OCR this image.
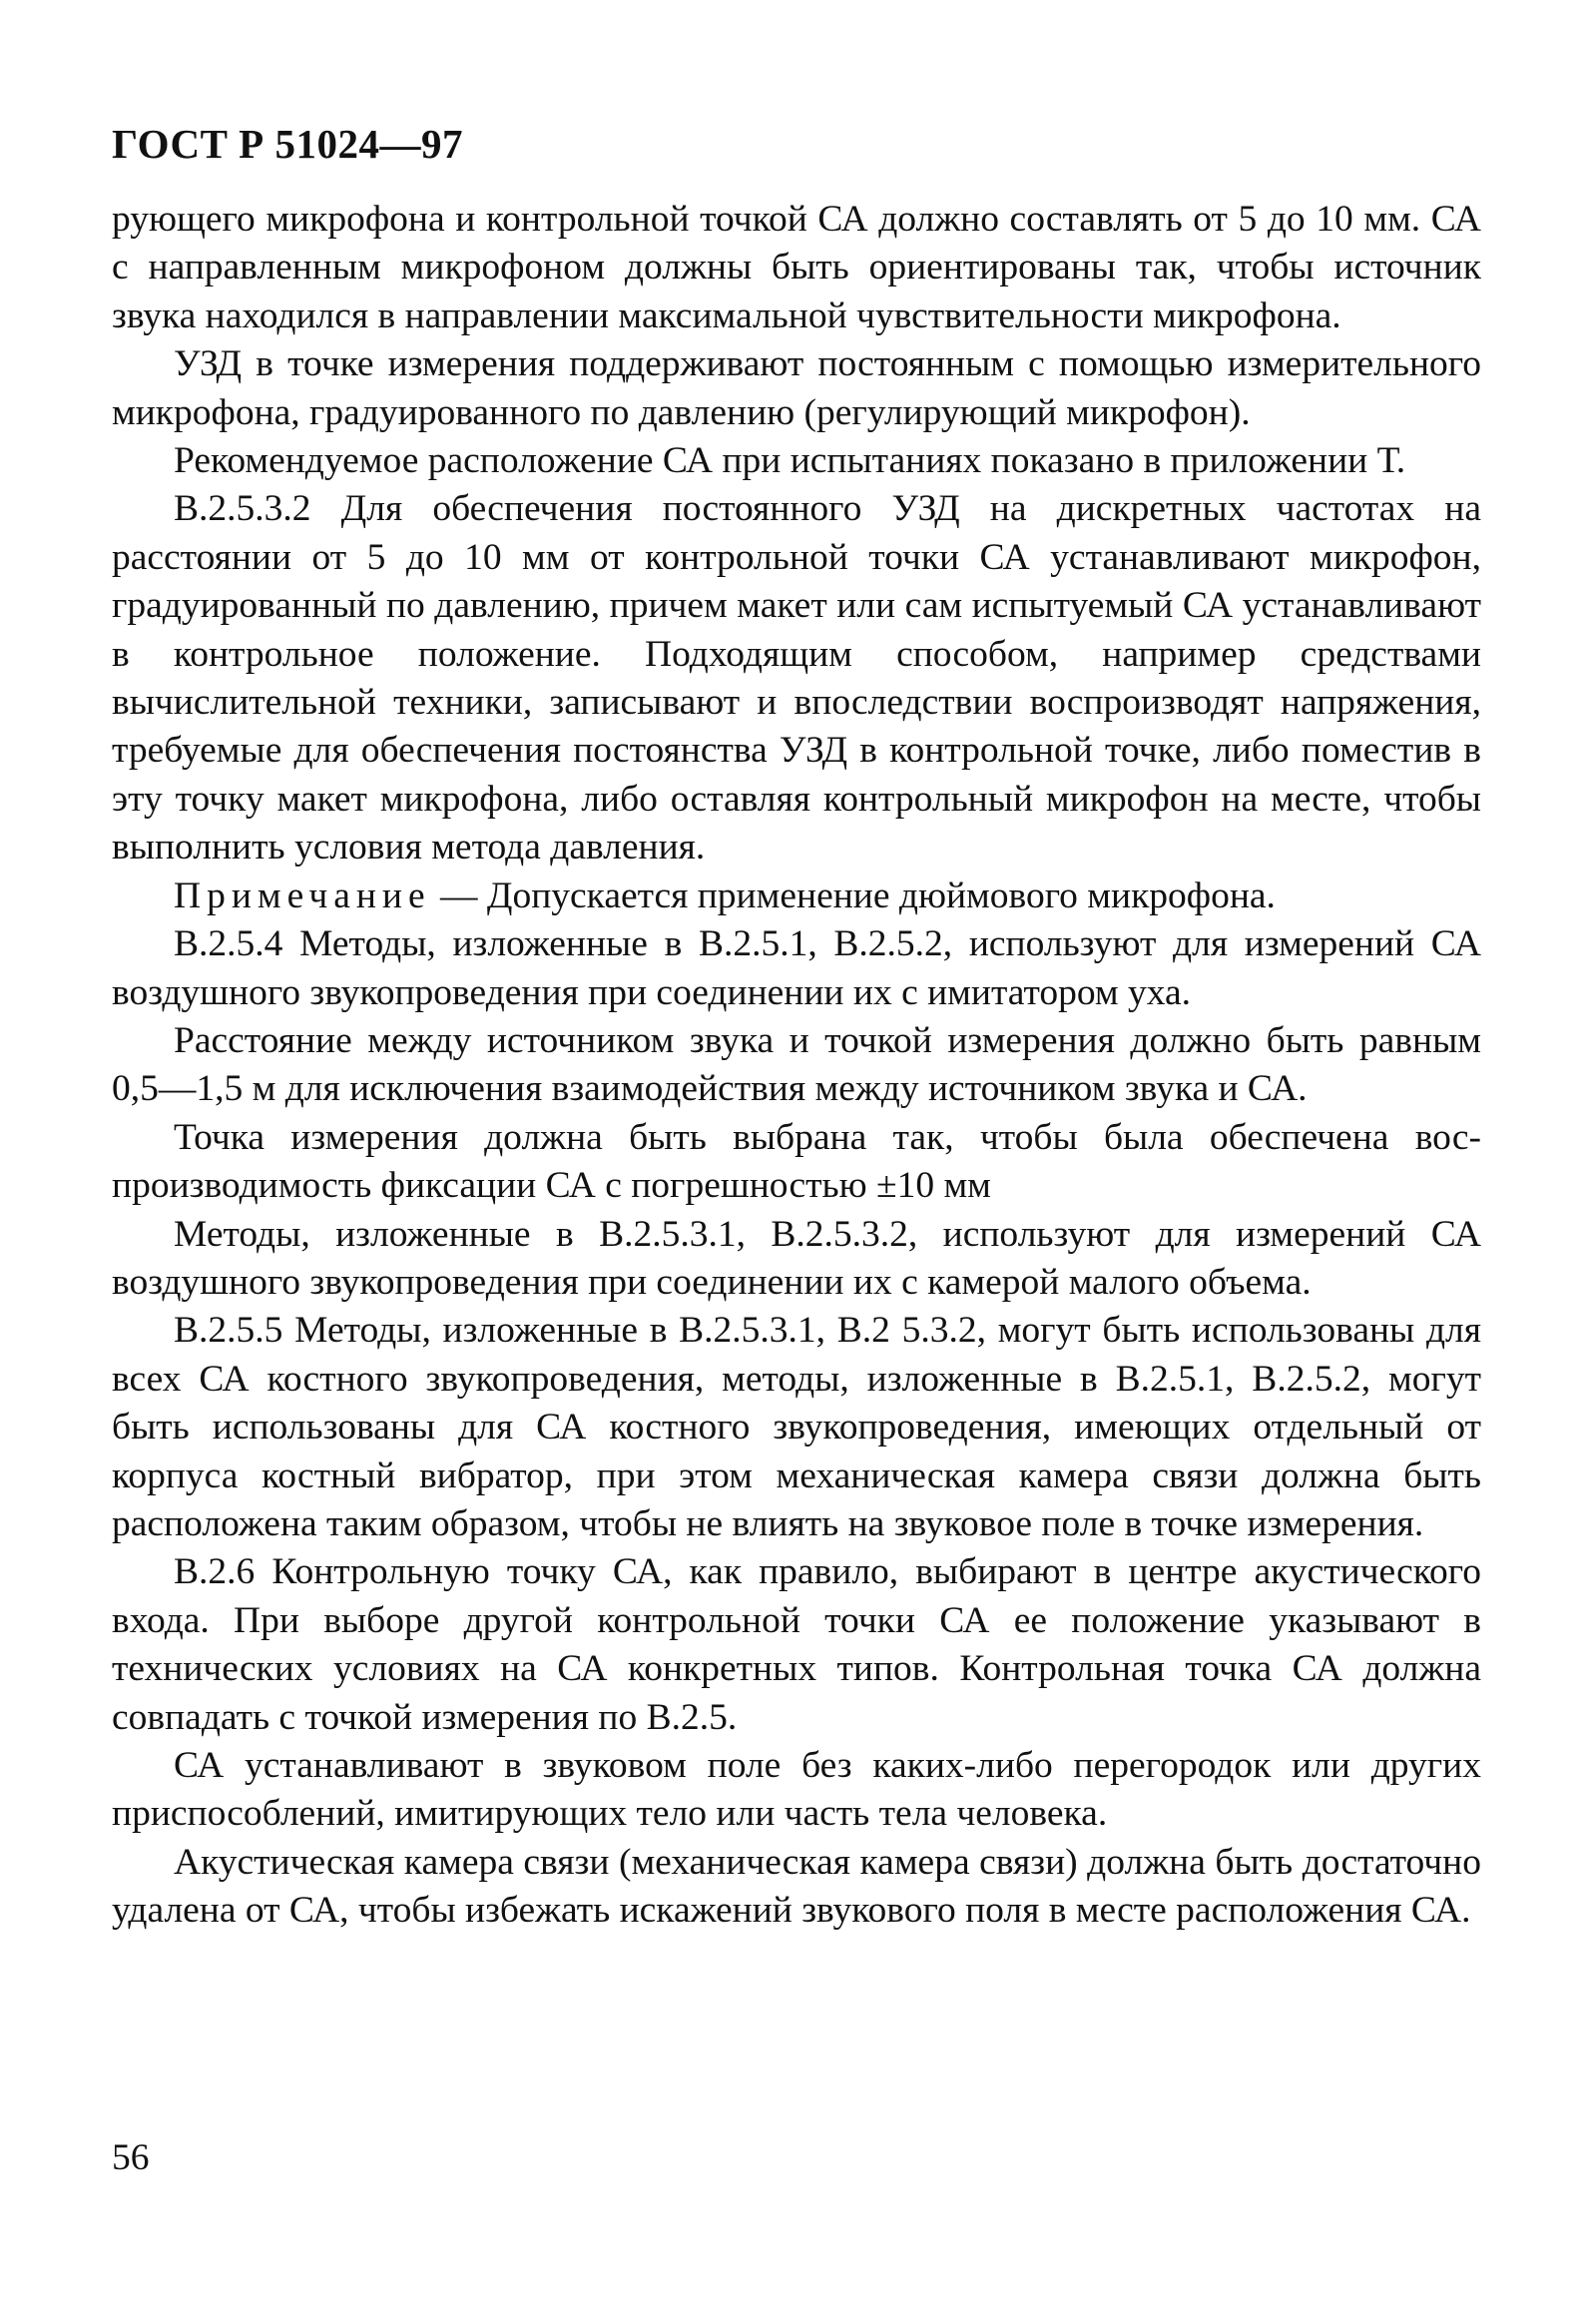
ГОСТ Р 51024—97

рующего микрофона и контрольной точкой СА должно составлять от 5 до 10 мм. СА с направленным микрофоном должны быть ориентированы так, чтобы источник звука находился в направлении максимальной чувствительности микрофона.

УЗД в точке измерения поддерживают постоянным с помощью измерительного микрофона, градуированного по давлению (регулирующий микрофон).

Рекомендуемое расположение СА при испытаниях показано в приложении Т.

В.2.5.3.2 Для обеспечения постоянного УЗД на дискретных частотах на расстоянии от 5 до 10 мм от контрольной точки СА устанавливают микрофон, градуированный по давлению, причем макет или сам испытуемый СА устанавливают в контрольное положение. Подходящим способом, например средствами вычислительной техники, записывают и впоследствии воспроизводят напряжения, требуемые для обеспечения постоянства УЗД в контрольной точке, либо поместив в эту точку макет микрофона, либо оставляя контрольный микрофон на месте, чтобы выполнить условия метода давления.

Примечание — Допускается применение дюймового микрофона.

В.2.5.4 Методы, изложенные в В.2.5.1, В.2.5.2, используют для измерений СА воздушного звукопроведения при соединении их с имитатором уха.

Расстояние между источником звука и точкой измерения должно быть равным 0,5—1,5 м для исключения взаимодействия между источником звука и СА.

Точка измерения должна быть выбрана так, чтобы была обеспечена воспроизводимость фиксации СА с погрешностью ±10 мм

Методы, изложенные в В.2.5.3.1, В.2.5.3.2, используют для измерений СА воздушного звукопроведения при соединении их с камерой малого объема.

В.2.5.5 Методы, изложенные в В.2.5.3.1, В.2 5.3.2, могут быть использованы для всех СА костного звукопроведения, методы, изложенные в В.2.5.1, В.2.5.2, могут быть использованы для СА костного звукопроведения, имеющих отдельный от корпуса костный вибратор, при этом механическая камера связи должна быть расположена таким образом, чтобы не влиять на звуковое поле в точке измерения.

В.2.6 Контрольную точку СА, как правило, выбирают в центре акустического входа. При выборе другой контрольной точки СА ее положение указывают в технических условиях на СА конкретных типов. Контрольная точка СА должна совпадать с точкой измерения по В.2.5.

СА устанавливают в звуковом поле без каких-либо перегородок или других приспособлений, имитирующих тело или часть тела человека.

Акустическая камера связи (механическая камера связи) должна быть достаточно удалена от СА, чтобы избежать искажений звукового поля в месте расположения СА.

56
